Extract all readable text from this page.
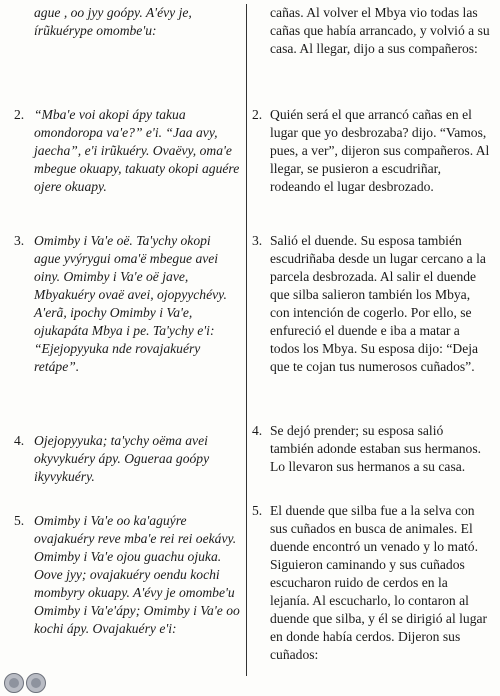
ague , oo jyy goópy. A'évy je, írũkuérype omombe'u:
2. “Mba'e voi akopi ápy takua omondoropa va'e?” e'i. “Jaa avy, jaecha”, e'i irũkuéry. Ovaëvy, oma'e mbegue okuapy, takuaty okopi aguére ojere okuapy.
3. Omimby i Va'e oë. Ta'ychy okopi ague yvýrygui oma'ë mbegue avei oiny. Omimby i Va'e oë jave, Mbyakuéry ovaë avei, ojopyychévy. A'erã, ipochy Omimby i Va'e, ojukapáta Mbya i pe. Ta'ychy e'i: “Ejejopyyuka nde rovajakuéry retápe”.
4. Ojejopyyuka; ta'ychy oëma avei okyvykuéry ápy. Ogueraa goópy ikyvykuéry.
5. Omimby i Va'e oo ka'aguýre ovajakuéry reve mba'e rei rei oekávy. Omimby i Va'e ojou guachu ojuka. Oove jyy; ovajakuéry oendu kochi mombyry okuapy. A'évy je omombe'u Omimby i Va'e'ápy; Omimby i Va'e oo kochi ápy. Ovajakuéry e'i:
cañas. Al volver el Mbya vio todas las cañas que había arrancado, y volvió a su casa. Al llegar, dijo a sus compañeros:
2. Quién será el que arrancó cañas en el lugar que yo desbrozaba? dijo. “Vamos, pues, a ver”, dijeron sus compañeros. Al llegar, se pusieron a escudriñar, rodeando el lugar desbrozado.
3. Salió el duende. Su esposa también escudriñaba desde un lugar cercano a la parcela desbrozada. Al salir el duende que silba salieron también los Mbya, con intención de cogerlo. Por ello, se enfureció el duende e iba a matar a todos los Mbya. Su esposa dijo: “Deja que te cojan tus numerosos cuñados”.
4. Se dejó prender; su esposa salió también adonde estaban sus hermanos. Lo llevaron sus hermanos a su casa.
5. El duende que silba fue a la selva con sus cuñados en busca de animales. El duende encontró un venado y lo mató. Siguieron caminando y sus cuñados escucharon ruido de cerdos en la lejanía. Al escucharlo, lo contaron al duende que silba, y él se dirigió al lugar en donde había cerdos. Dijeron sus cuñados:
